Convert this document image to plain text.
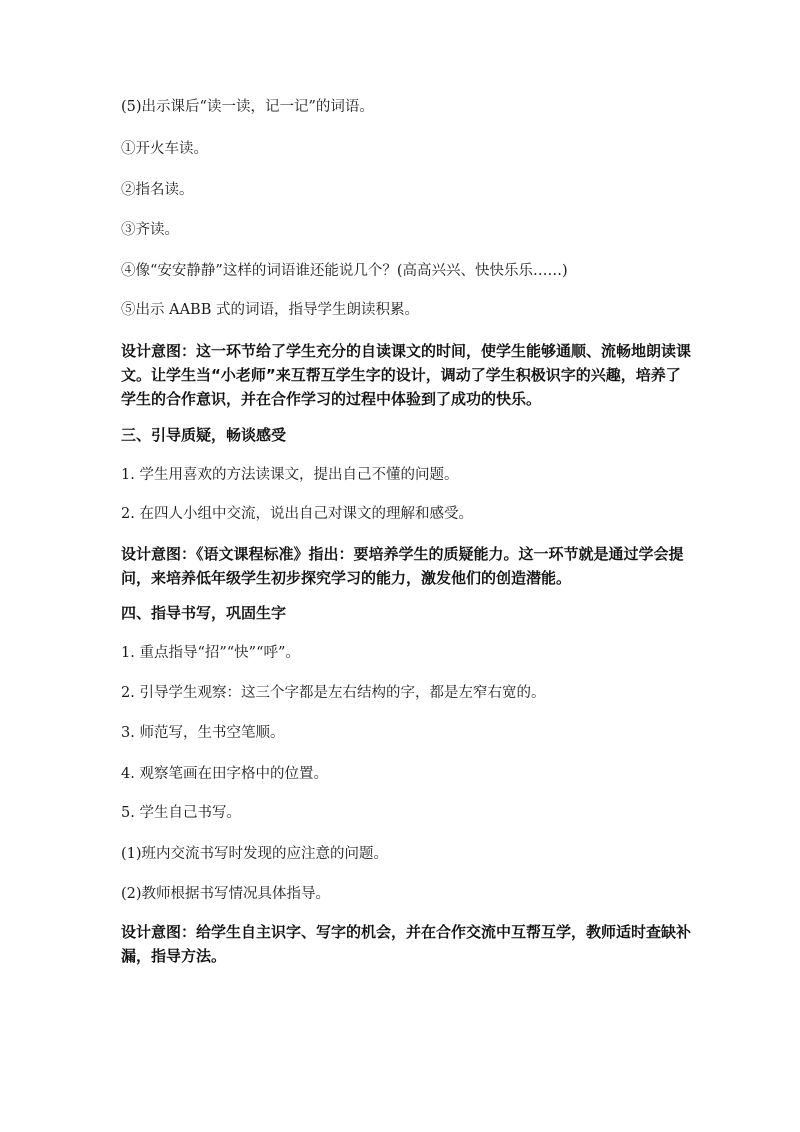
(5)出示课后“读一读，记一记”的词语。
①开火车读。
②指名读。
③齐读。
④像“安安静静”这样的词语谁还能说几个？(高高兴兴、快快乐乐……)
⑤出示 AABB 式的词语，指导学生朗读积累。
设计意图：这一环节给了学生充分的自读课文的时间，使学生能够通顺、流畅地朗读课文。让学生当“小老师”来互帮互学生字的设计，调动了学生积极识字的兴趣，培养了学生的合作意识，并在合作学习的过程中体验到了成功的快乐。
三、引导质疑，畅谈感受
1. 学生用喜欢的方法读课文，提出自己不懂的问题。
2. 在四人小组中交流，说出自己对课文的理解和感受。
设计意图：《语文课程标准》指出：要培养学生的质疑能力。这一环节就是通过学会提问，来培养低年级学生初步探究学习的能力，激发他们的创造潜能。
四、指导书写，巩固生字
1. 重点指导“招”“快”“呼”。
2. 引导学生观察：这三个字都是左右结构的字，都是左窄右宽的。
3. 师范写，生书空笔顺。
4. 观察笔画在田字格中的位置。
5. 学生自己书写。
(1)班内交流书写时发现的应注意的问题。
(2)教师根据书写情况具体指导。
设计意图：给学生自主识字、写字的机会，并在合作交流中互帮互学，教师适时查缺补漏，指导方法。
